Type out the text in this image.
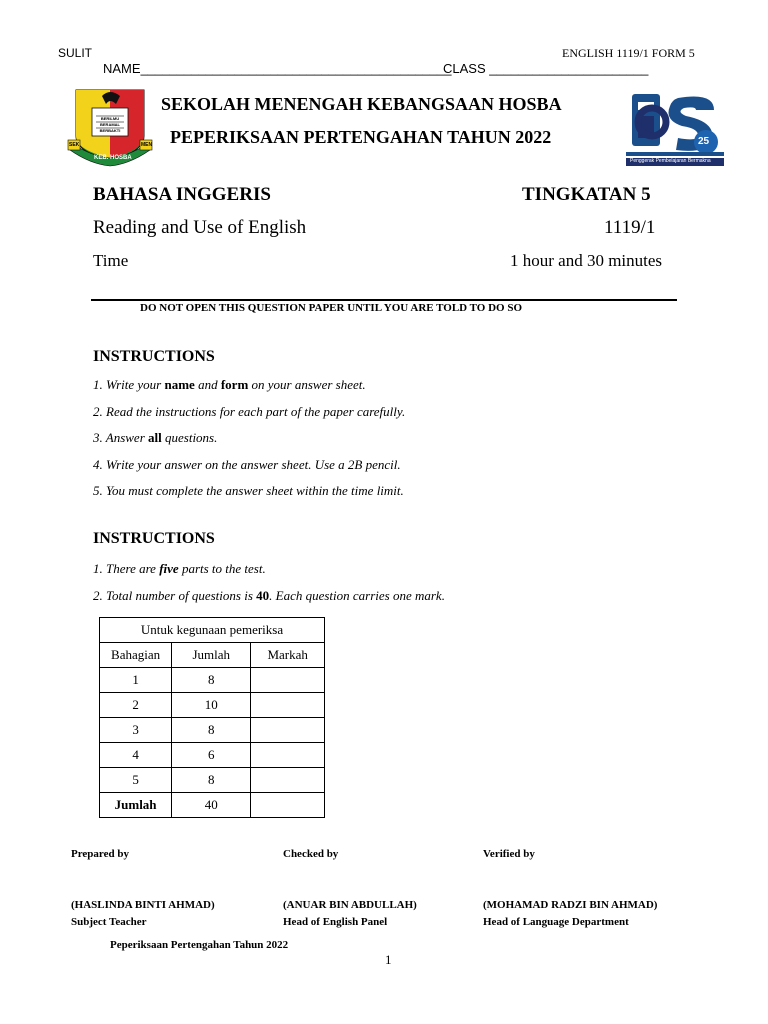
SULIT	ENGLISH 1119/1 FORM 5
NAME___________________________________________
CLASS ______________________
BERILMU BERAMAL BERBAKTI
SEK	MEN
KEB. HOSBA
SEKOLAH MENENGAH KEBANGSAAN HOSBA
PEPERIKSAAN PERTENGAHAN TAHUN 2022	25
Penggerak Pembelajaran Bermakna
BAHASA INGGERIS	TINGKATAN 5
Reading and Use of English	1119/1
Time	1 hour and 30 minutes
DO NOT OPEN THIS QUESTION PAPER UNTIL YOU ARE TOLD TO DO SO
INSTRUCTIONS
1. Write your name and form on your answer sheet.
2. Read the instructions for each part of the paper carefully.
3. Answer all questions.
4. Write your answer on the answer sheet. Use a 2B pencil.
5. You must complete the answer sheet within the time limit.
INSTRUCTIONS
1. There are five parts to the test.
2. Total number of questions is 40. Each question carries one mark.
Untuk kegunaan pemeriksa		
Bahagian	Jumlah	Markah
1	8	
2	10	
3	8	
4	6	
5	8	
Jumlah	40	
Prepared by	Checked by	Verified by
(HASLINDA BINTI AHMAD)	(ANUAR BIN ABDULLAH)	(MOHAMAD RADZI BIN AHMAD)
Subject Teacher	Head of English Panel	Head of Language Department
Peperiksaan Pertengahan Tahun 2022
1
